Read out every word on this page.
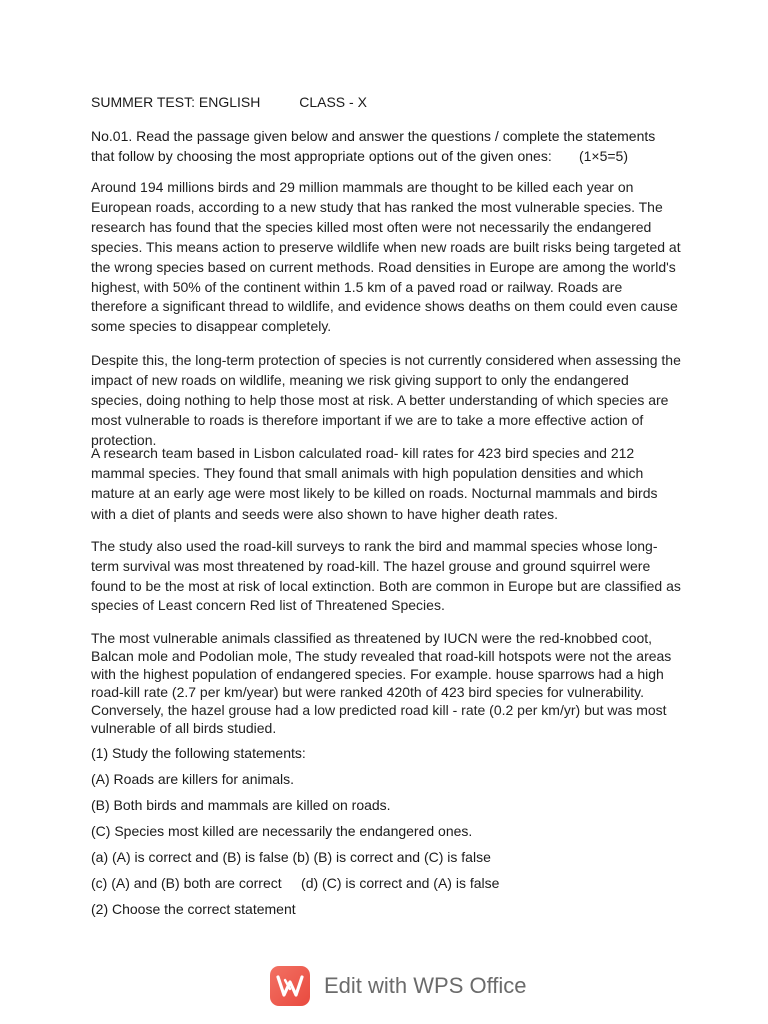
SUMMER TEST: ENGLISH          CLASS - X
No.01. Read the passage given below and answer the questions / complete the statements
that follow by choosing the most appropriate options out of the given ones:       (1×5=5)

Around 194 millions birds and 29 million mammals are thought to be killed each year on European roads, according to a new study that has ranked the most vulnerable species. The research has found that the species killed most often were not necessarily the endangered species. This means action to preserve wildlife when new roads are built risks being targeted at the wrong species based on current methods. Road densities in Europe are among the world's highest, with 50% of the continent within 1.5 km of a paved road or railway. Roads are therefore a significant thread to wildlife, and evidence shows deaths on them could even cause some species to disappear completely.

Despite this, the long-term protection of species is not currently considered when assessing the impact of new roads on wildlife, meaning we risk giving support to only the endangered species, doing nothing to help those most at risk. A better understanding of which species are most vulnerable to roads is therefore important if we are to take a more effective action of protection.

A research team based in Lisbon calculated road- kill rates for 423 bird species and 212 mammal species. They found that small animals with high population densities and which mature at an early age were most likely to be killed on roads. Nocturnal mammals and birds with a diet of plants and seeds were also shown to have higher death rates.

The study also used the road-kill surveys to rank the bird and mammal species whose long-term survival was most threatened by road-kill. The hazel grouse and ground squirrel were found to be the most at risk of local extinction. Both are common in Europe but are classified as species of Least concern Red list of Threatened Species.

The most vulnerable animals classified as threatened by IUCN were the red-knobbed coot, Balcan mole and Podolian mole, The study revealed that road-kill hotspots were not the areas with the highest population of endangered species. For example. house sparrows had a high road-kill rate (2.7 per km/year) but were ranked 420th of 423 bird species for vulnerability. Conversely, the hazel grouse had a low predicted road kill - rate (0.2 per km/yr) but was most vulnerable of all birds studied.

(1) Study the following statements:
(A) Roads are killers for animals.
(B) Both birds and mammals are killed on roads.
(C) Species most killed are necessarily the endangered ones.
(a) (A) is correct and (B) is false (b) (B) is correct and (C) is false
(c) (A) and (B) both are correct     (d) (C) is correct and (A) is false
(2) Choose the correct statement
Edit with WPS Office
